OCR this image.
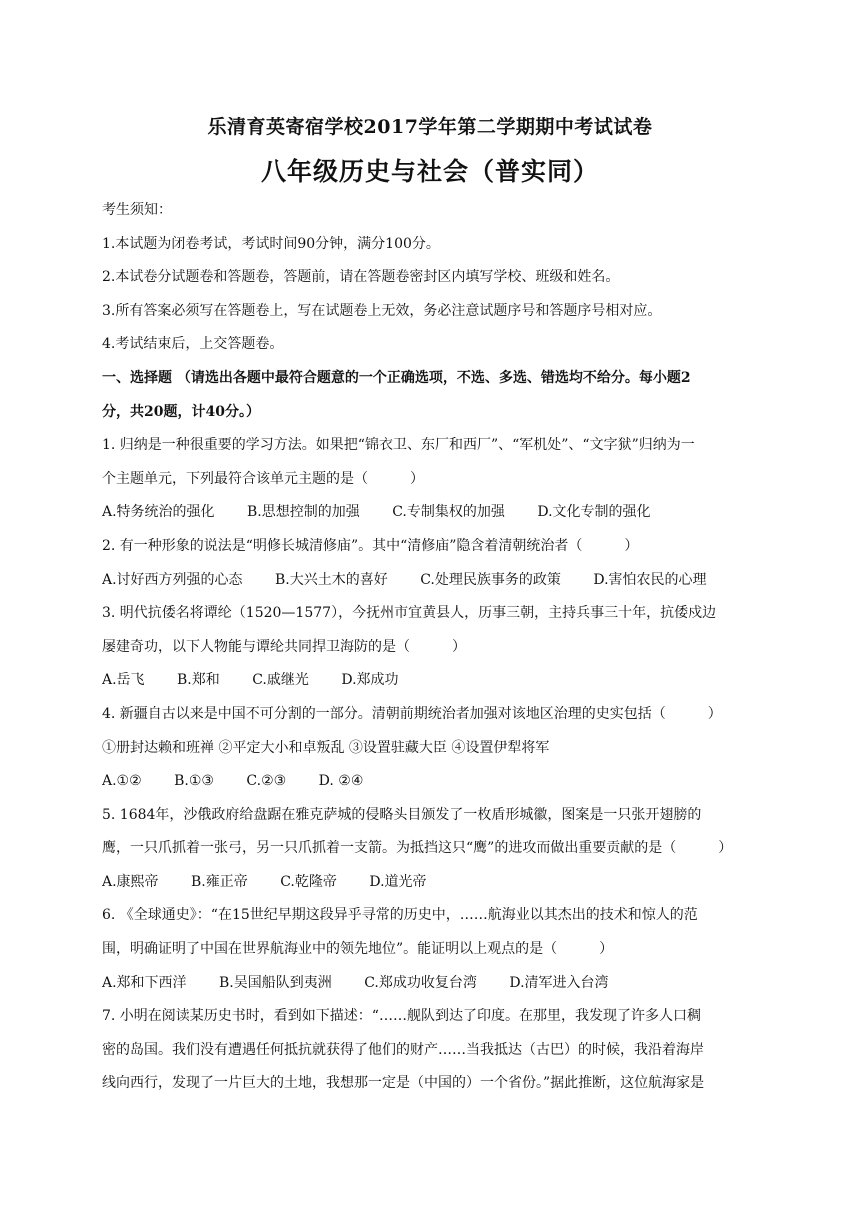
乐清育英寄宿学校2017学年第二学期期中考试试卷
八年级历史与社会（普实同）
考生须知：
1.本试题为闭卷考试，考试时间90分钟，满分100分。
2.本试卷分试题卷和答题卷，答题前，请在答题卷密封区内填写学校、班级和姓名。
3.所有答案必须写在答题卷上，写在试题卷上无效，务必注意试题序号和答题序号相对应。
4.考试结束后，上交答题卷。
一、选择题 （请选出各题中最符合题意的一个正确选项，不选、多选、错选均不给分。每小题2
分，共20题，计40分。）
1. 归纳是一种很重要的学习方法。如果把“锦衣卫、东厂和西厂”、“军机处”、“文字狱”归纳为一
个主题单元，下列最符合该单元主题的是（　　　）
A.特务统治的强化 B.思想控制的加强 C.专制集权的加强 D.文化专制的强化
2. 有一种形象的说法是“明修长城清修庙”。其中“清修庙”隐含着清朝统治者（　　　）
A.讨好西方列强的心态 B.大兴土木的喜好 C.处理民族事务的政策 D.害怕农民的心理
3. 明代抗倭名将谭纶（1520—1577），今抚州市宜黄县人，历事三朝，主持兵事三十年，抗倭戍边
屡建奇功，以下人物能与谭纶共同捍卫海防的是（　　　）
A.岳飞 B.郑和 C.戚继光 D.郑成功
4. 新疆自古以来是中国不可分割的一部分。清朝前期统治者加强对该地区治理的史实包括（　　　）
①册封达赖和班禅 ②平定大小和卓叛乱 ③设置驻藏大臣 ④设置伊犁将军
A.①② B.①③ C.②③ D. ②④
5. 1684年，沙俄政府给盘踞在雅克萨城的侵略头目颁发了一枚盾形城徽，图案是一只张开翅膀的
鹰，一只爪抓着一张弓，另一只爪抓着一支箭。为抵挡这只“鹰”的进攻而做出重要贡献的是（　　　）
A.康熙帝 B.雍正帝 C.乾隆帝 D.道光帝
6. 《全球通史》：“在15世纪早期这段异乎寻常的历史中，……航海业以其杰出的技术和惊人的范
围，明确证明了中国在世界航海业中的领先地位”。能证明以上观点的是（　　　）
A.郑和下西洋 B.吴国船队到夷洲 C.郑成功收复台湾 D.清军进入台湾
7. 小明在阅读某历史书时，看到如下描述：“……舰队到达了印度。在那里，我发现了许多人口稠
密的岛国。我们没有遭遇任何抵抗就获得了他们的财产……当我抵达（古巴）的时候，我沿着海岸
线向西行，发现了一片巨大的土地，我想那一定是（中国的）一个省份。”据此推断，这位航海家是
